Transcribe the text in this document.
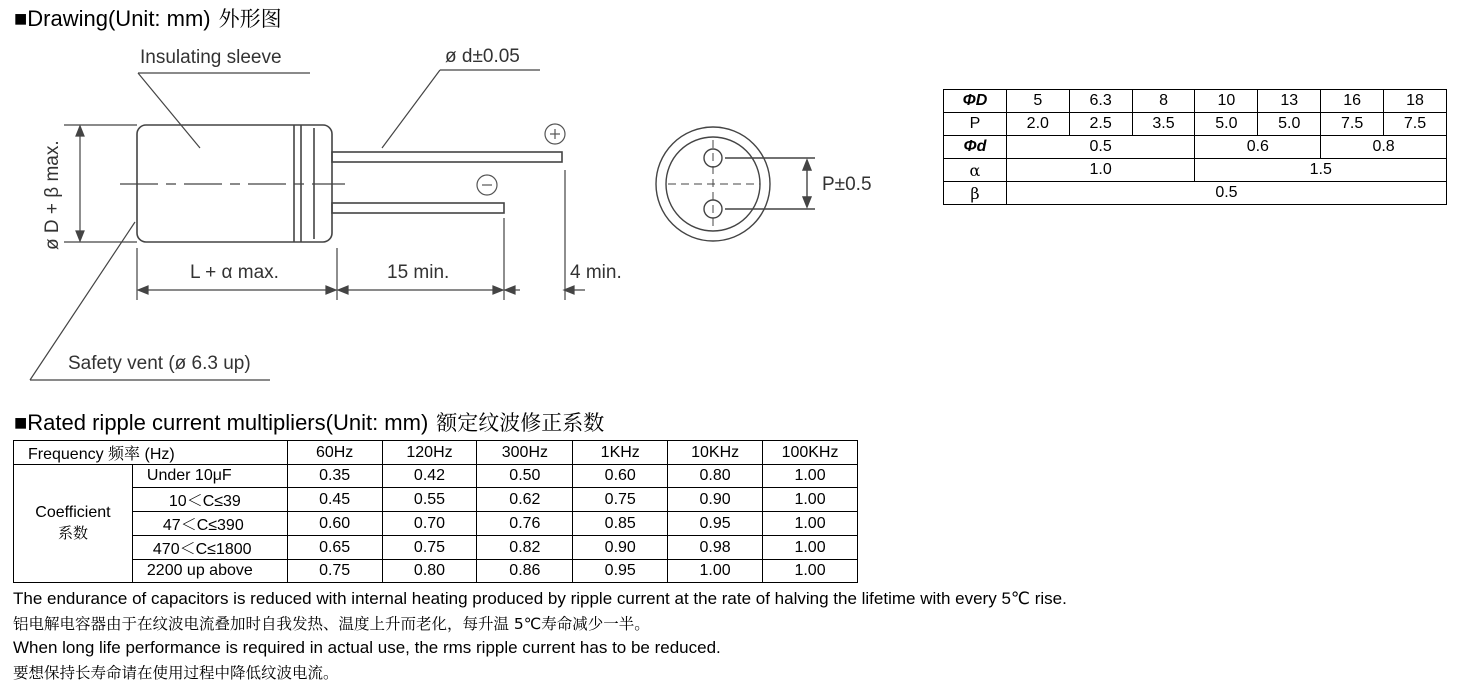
■Drawing(Unit: mm) 外形图
Insulating sleeve	ø d±0.05
ø D + β max.
L + α max.	15 min.	4 min.
P±0.5
Safety vent (ø 6.3 up)
ΦD	5	6.3	8	10	13	16	18
P	2.0	2.5	3.5	5.0	5.0	7.5	7.5
Φd	0.5			0.6		0.8	
α	1.0			1.5			
β	0.5						
■Rated ripple current multipliers(Unit: mm) 额定纹波修正系数
Frequency 频率 (Hz)		60Hz	120Hz	300Hz	1KHz	10KHz	100KHz

Coefficient
系数	Under 10μF	0.35	0.42	0.50	0.60	0.80	1.00
	10＜C≤39	0.45	0.55	0.62	0.75	0.90	1.00
	47＜C≤390	0.60	0.70	0.76	0.85	0.95	1.00
	470＜C≤1800	0.65	0.75	0.82	0.90	0.98	1.00
	2200 up above	0.75	0.80	0.86	0.95	1.00	1.00
The endurance of capacitors is reduced with internal heating produced by ripple current at the rate of halving the lifetime with every 5℃ rise.
铝电解电容器由于在纹波电流叠加时自我发热、温度上升而老化，每升温 5℃寿命减少一半。
When long life performance is required in actual use, the rms ripple current has to be reduced.
要想保持长寿命请在使用过程中降低纹波电流。
